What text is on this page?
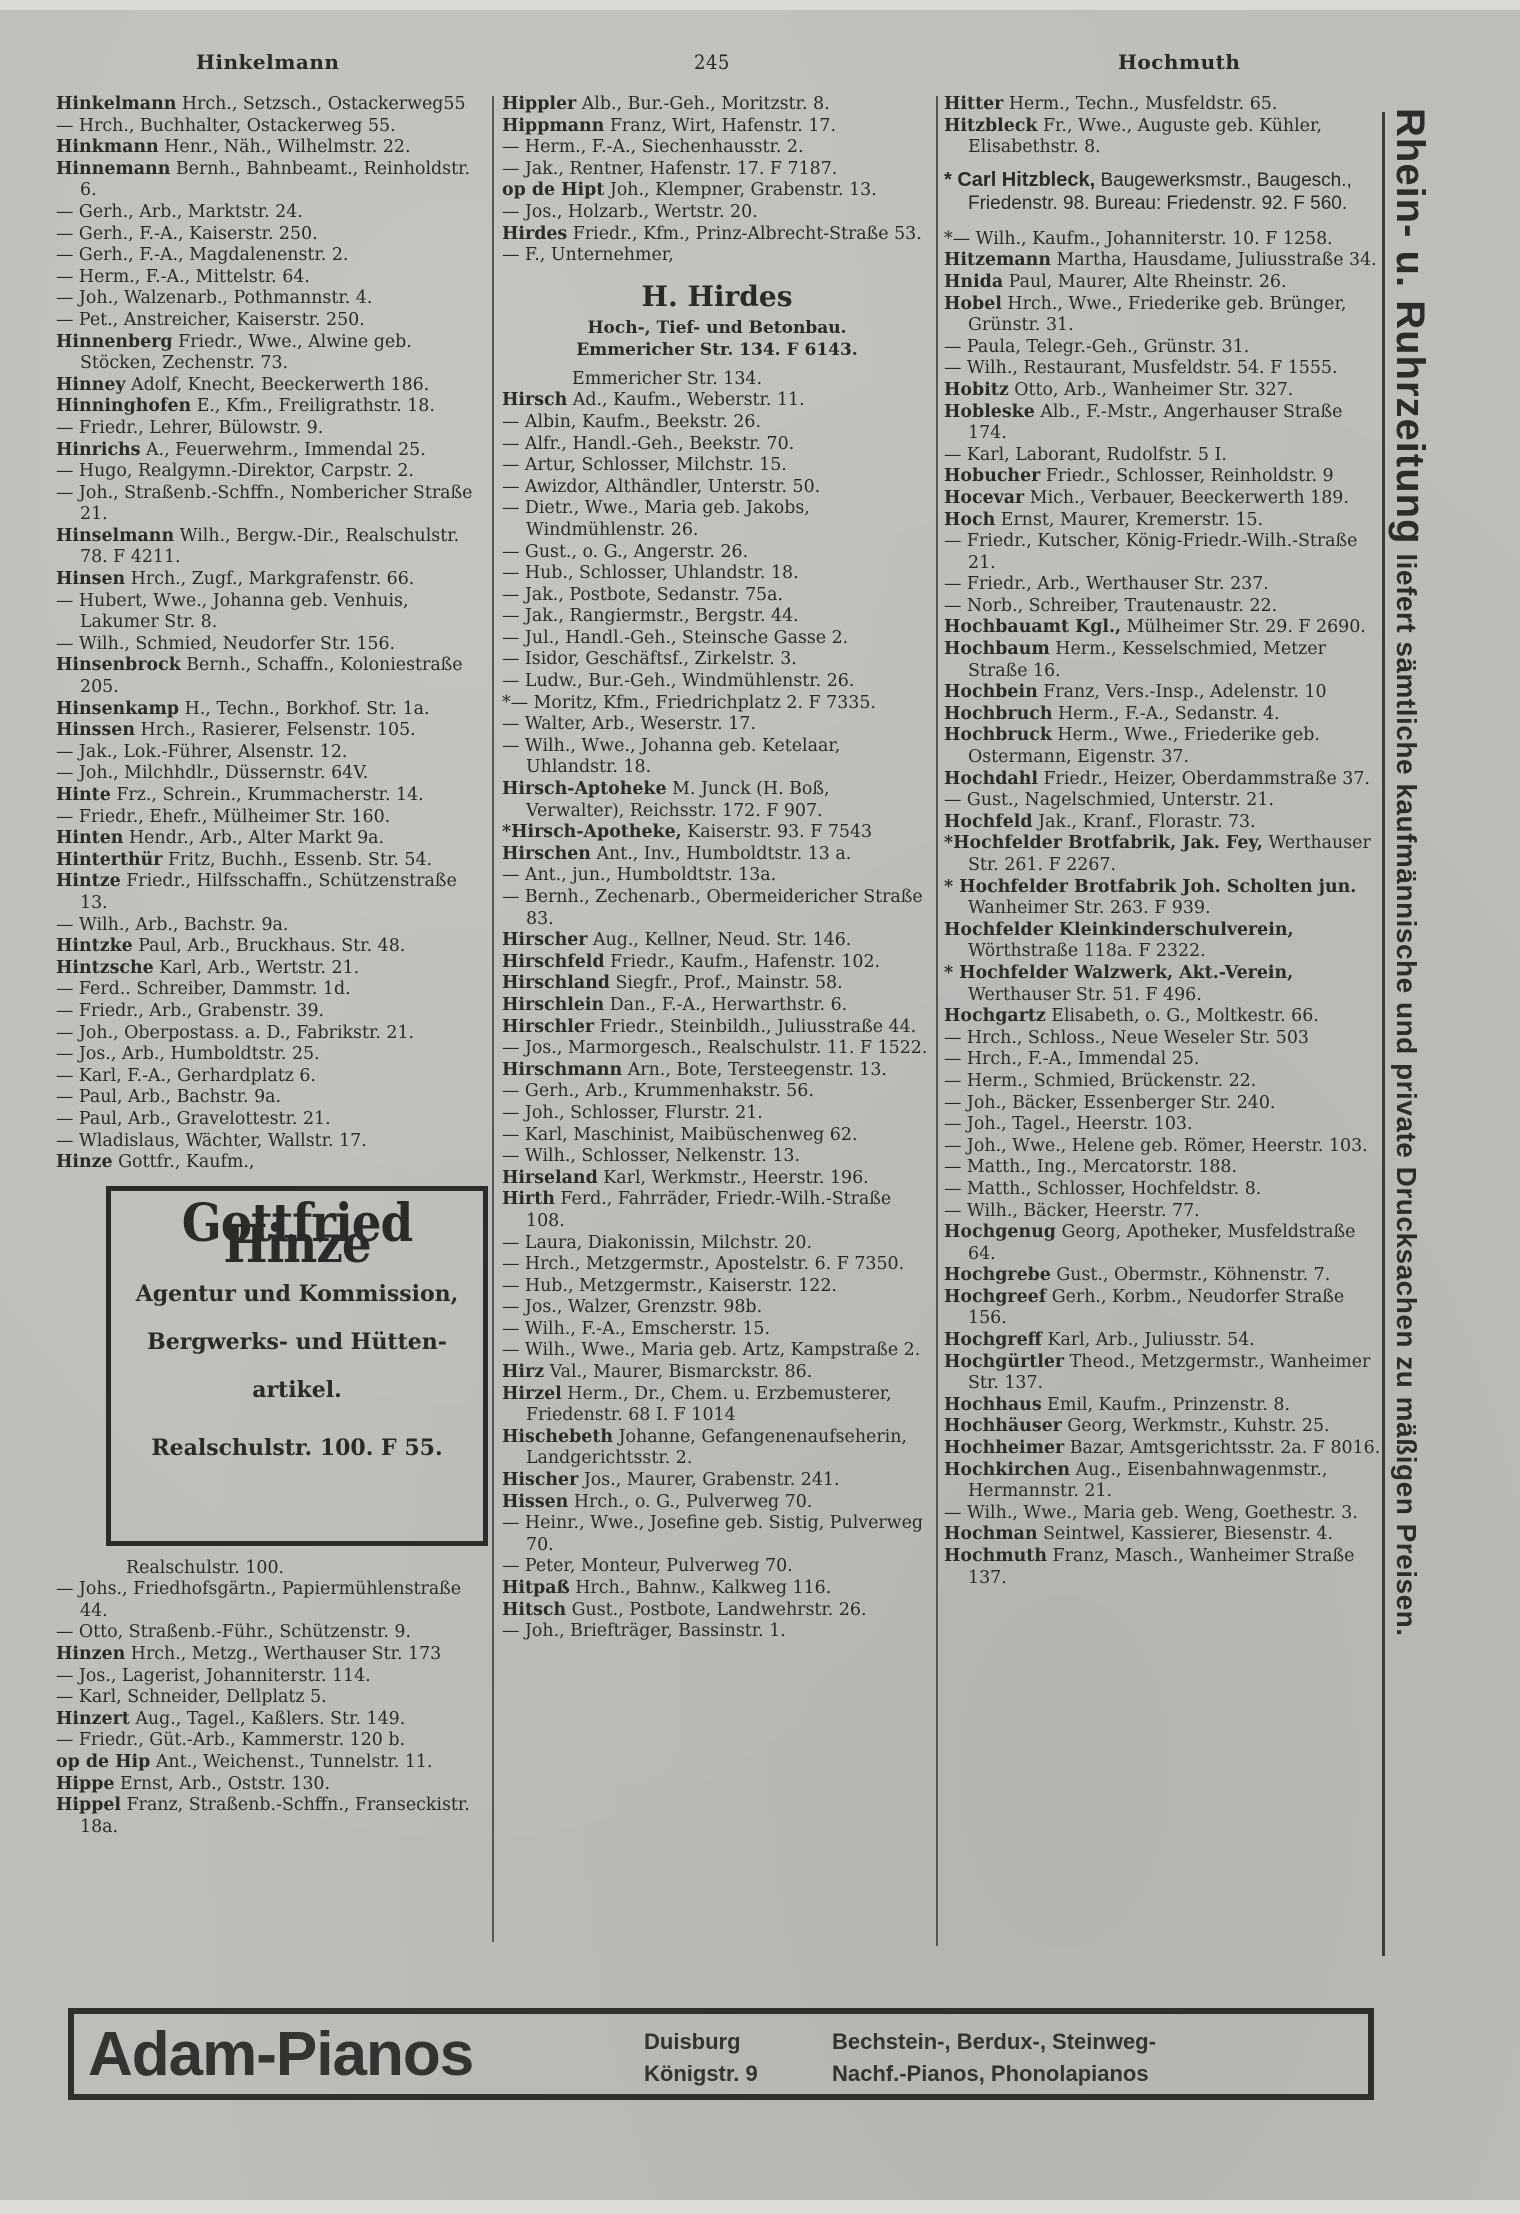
Hinkelmann	245	Hochmuth

Hinkelmann Hrch., Setzsch., Ostackerweg55

— Hrch., Buchhalter, Ostackerweg 55.

Hinkmann Henr., Näh., Wilhelmstr. 22.

Hinnemann Bernh., Bahnbeamt., Reinholdstr. 6.

— Gerh., Arb., Marktstr. 24.

— Gerh., F.-A., Kaiserstr. 250.

— Gerh., F.-A., Magdalenenstr. 2.

— Herm., F.-A., Mittelstr. 64.

— Joh., Walzenarb., Pothmannstr. 4.

— Pet., Anstreicher, Kaiserstr. 250.

Hinnenberg Friedr., Wwe., Alwine geb. Stöcken, Zechenstr. 73.

Hinney Adolf, Knecht, Beeckerwerth 186.

Hinninghofen E., Kfm., Freiligrathstr. 18.

— Friedr., Lehrer, Bülowstr. 9.

Hinrichs A., Feuerwehrm., Immendal 25.

— Hugo, Realgymn.-Direktor, Carpstr. 2.

— Joh., Straßenb.-Schffn., Nombericher Straße 21.

Hinselmann Wilh., Bergw.-Dir., Realschulstr. 78. F 4211.

Hinsen Hrch., Zugf., Markgrafenstr. 66.

— Hubert, Wwe., Johanna geb. Venhuis, Lakumer Str. 8.

— Wilh., Schmied, Neudorfer Str. 156.

Hinsenbrock Bernh., Schaffn., Koloniestraße 205.

Hinsenkamp H., Techn., Borkhof. Str. 1a.

Hinssen Hrch., Rasierer, Felsenstr. 105.

— Jak., Lok.-Führer, Alsenstr. 12.

— Joh., Milchhdlr., Düssernstr. 64V.

Hinte Frz., Schrein., Krummacherstr. 14.

— Friedr., Ehefr., Mülheimer Str. 160.

Hinten Hendr., Arb., Alter Markt 9a.

Hinterthür Fritz, Buchh., Essenb. Str. 54.

Hintze Friedr., Hilfsschaffn., Schützenstraße 13.

— Wilh., Arb., Bachstr. 9a.

Hintzke Paul, Arb., Bruckhaus. Str. 48.

Hintzsche Karl, Arb., Wertstr. 21.

— Ferd.. Schreiber, Dammstr. 1d.

— Friedr., Arb., Grabenstr. 39.

— Joh., Oberpostass. a. D., Fabrikstr. 21.

— Jos., Arb., Humboldtstr. 25.

— Karl, F.-A., Gerhardplatz 6.

— Paul, Arb., Bachstr. 9a.

— Paul, Arb., Gravelottestr. 21.

— Wladislaus, Wächter, Wallstr. 17.

Hinze Gottfr., Kaufm.,

Gottfried Hinze
Agentur und Kommission,
Bergwerks- und Hütten-
artikel.
Realschulstr. 100. F 55.

Realschulstr. 100.

— Johs., Friedhofsgärtn., Papiermühlenstraße 44.

— Otto, Straßenb.-Führ., Schützenstr. 9.

Hinzen Hrch., Metzg., Werthauser Str. 173

— Jos., Lagerist, Johanniterstr. 114.

— Karl, Schneider, Dellplatz 5.

Hinzert Aug., Tagel., Kaßlers. Str. 149.

— Friedr., Güt.-Arb., Kammerstr. 120 b.

op de Hip Ant., Weichenst., Tunnelstr. 11.

Hippe Ernst, Arb., Oststr. 130.

Hippel Franz, Straßenb.-Schffn., Franseckistr. 18a.

Hippler Alb., Bur.-Geh., Moritzstr. 8.

Hippmann Franz, Wirt, Hafenstr. 17.

— Herm., F.-A., Siechenhausstr. 2.

— Jak., Rentner, Hafenstr. 17. F 7187.

op de Hipt Joh., Klempner, Grabenstr. 13.

— Jos., Holzarb., Wertstr. 20.

Hirdes Friedr., Kfm., Prinz-Albrecht-Straße 53.

— F., Unternehmer,

H. Hirdes
Hoch-, Tief- und Betonbau.
Emmericher Str. 134. F 6143.

Emmericher Str. 134.

Hirsch Ad., Kaufm., Weberstr. 11.

— Albin, Kaufm., Beekstr. 26.

— Alfr., Handl.-Geh., Beekstr. 70.

— Artur, Schlosser, Milchstr. 15.

— Awizdor, Althändler, Unterstr. 50.

— Dietr., Wwe., Maria geb. Jakobs, Windmühlenstr. 26.

— Gust., o. G., Angerstr. 26.

— Hub., Schlosser, Uhlandstr. 18.

— Jak., Postbote, Sedanstr. 75a.

— Jak., Rangiermstr., Bergstr. 44.

— Jul., Handl.-Geh., Steinsche Gasse 2.

— Isidor, Geschäftsf., Zirkelstr. 3.

— Ludw., Bur.-Geh., Windmühlenstr. 26.

*— Moritz, Kfm., Friedrichplatz 2. F 7335.

— Walter, Arb., Weserstr. 17.

— Wilh., Wwe., Johanna geb. Ketelaar, Uhlandstr. 18.

Hirsch-Aptoheke M. Junck (H. Boß, Verwalter), Reichsstr. 172. F 907.

*Hirsch-Apotheke, Kaiserstr. 93. F 7543

Hirschen Ant., Inv., Humboldtstr. 13 a.

— Ant., jun., Humboldtstr. 13a.

— Bernh., Zechenarb., Obermeidericher Straße 83.

Hirscher Aug., Kellner, Neud. Str. 146.

Hirschfeld Friedr., Kaufm., Hafenstr. 102.

Hirschland Siegfr., Prof., Mainstr. 58.

Hirschlein Dan., F.-A., Herwarthstr. 6.

Hirschler Friedr., Steinbildh., Juliusstraße 44.

— Jos., Marmorgesch., Realschulstr. 11. F 1522.

Hirschmann Arn., Bote, Tersteegenstr. 13.

— Gerh., Arb., Krummenhakstr. 56.

— Joh., Schlosser, Flurstr. 21.

— Karl, Maschinist, Maibüschenweg 62.

— Wilh., Schlosser, Nelkenstr. 13.

Hirseland Karl, Werkmstr., Heerstr. 196.

Hirth Ferd., Fahrräder, Friedr.-Wilh.-Straße 108.

— Laura, Diakonissin, Milchstr. 20.

— Hrch., Metzgermstr., Apostelstr. 6. F 7350.

— Hub., Metzgermstr., Kaiserstr. 122.

— Jos., Walzer, Grenzstr. 98b.

— Wilh., F.-A., Emscherstr. 15.

— Wilh., Wwe., Maria geb. Artz, Kampstraße 2.

Hirz Val., Maurer, Bismarckstr. 86.

Hirzel Herm., Dr., Chem. u. Erzbemusterer, Friedenstr. 68 I. F 1014

Hischebeth Johanne, Gefangenenaufseherin, Landgerichtsstr. 2.

Hischer Jos., Maurer, Grabenstr. 241.

Hissen Hrch., o. G., Pulverweg 70.

— Heinr., Wwe., Josefine geb. Sistig, Pulverweg 70.

— Peter, Monteur, Pulverweg 70.

Hitpaß Hrch., Bahnw., Kalkweg 116.

Hitsch Gust., Postbote, Landwehrstr. 26.

— Joh., Briefträger, Bassinstr. 1.

Hitter Herm., Techn., Musfeldstr. 65.

Hitzbleck Fr., Wwe., Auguste geb. Kühler, Elisabethstr. 8.

* Carl Hitzbleck, Baugewerksmstr., Baugesch., Friedenstr. 98. Bureau: Friedenstr. 92. F 560.

*— Wilh., Kaufm., Johanniterstr. 10. F 1258.

Hitzemann Martha, Hausdame, Juliusstraße 34.

Hnida Paul, Maurer, Alte Rheinstr. 26.

Hobel Hrch., Wwe., Friederike geb. Brünger, Grünstr. 31.

— Paula, Telegr.-Geh., Grünstr. 31.

— Wilh., Restaurant, Musfeldstr. 54. F 1555.

Hobitz Otto, Arb., Wanheimer Str. 327.

Hobleske Alb., F.-Mstr., Angerhauser Straße 174.

— Karl, Laborant, Rudolfstr. 5 I.

Hobucher Friedr., Schlosser, Reinholdstr. 9

Hocevar Mich., Verbauer, Beeckerwerth 189.

Hoch Ernst, Maurer, Kremerstr. 15.

— Friedr., Kutscher, König-Friedr.-Wilh.-Straße 21.

— Friedr., Arb., Werthauser Str. 237.

— Norb., Schreiber, Trautenaustr. 22.

Hochbauamt Kgl., Mülheimer Str. 29. F 2690.

Hochbaum Herm., Kesselschmied, Metzer Straße 16.

Hochbein Franz, Vers.-Insp., Adelenstr. 10

Hochbruch Herm., F.-A., Sedanstr. 4.

Hochbruck Herm., Wwe., Friederike geb. Ostermann, Eigenstr. 37.

Hochdahl Friedr., Heizer, Oberdammstraße 37.

— Gust., Nagelschmied, Unterstr. 21.

Hochfeld Jak., Kranf., Florastr. 73.

*Hochfelder Brotfabrik, Jak. Fey, Werthauser Str. 261. F 2267.

* Hochfelder Brotfabrik Joh. Scholten jun. Wanheimer Str. 263. F 939.

Hochfelder Kleinkinderschulverein, Wörthstraße 118a. F 2322.

* Hochfelder Walzwerk, Akt.-Verein, Werthauser Str. 51. F 496.

Hochgartz Elisabeth, o. G., Moltkestr. 66.

— Hrch., Schloss., Neue Weseler Str. 503

— Hrch., F.-A., Immendal 25.

— Herm., Schmied, Brückenstr. 22.

— Joh., Bäcker, Essenberger Str. 240.

— Joh., Tagel., Heerstr. 103.

— Joh., Wwe., Helene geb. Römer, Heerstr. 103.

— Matth., Ing., Mercatorstr. 188.

— Matth., Schlosser, Hochfeldstr. 8.

— Wilh., Bäcker, Heerstr. 77.

Hochgenug Georg, Apotheker, Musfeldstraße 64.

Hochgrebe Gust., Obermstr., Köhnenstr. 7.

Hochgreef Gerh., Korbm., Neudorfer Straße 156.

Hochgreff Karl, Arb., Juliusstr. 54.

Hochgürtler Theod., Metzgermstr., Wanheimer Str. 137.

Hochhaus Emil, Kaufm., Prinzenstr. 8.

Hochhäuser Georg, Werkmstr., Kuhstr. 25.

Hochheimer Bazar, Amtsgerichtsstr. 2a. F 8016.

Hochkirchen Aug., Eisenbahnwagenmstr., Hermannstr. 21.

— Wilh., Wwe., Maria geb. Weng, Goethestr. 3.

Hochman Seintwel, Kassierer, Biesenstr. 4.

Hochmuth Franz, Masch., Wanheimer Straße 137.

Rhein- u. Ruhrzeitung liefert sämtliche kaufmännische und private Drucksachen zu mäßigen Preisen.
Adam-Pianos	Duisburg
Königstr. 9
Bechstein-, Berdux-, Steinweg-
Nachf.-Pianos, Phonolapianos
